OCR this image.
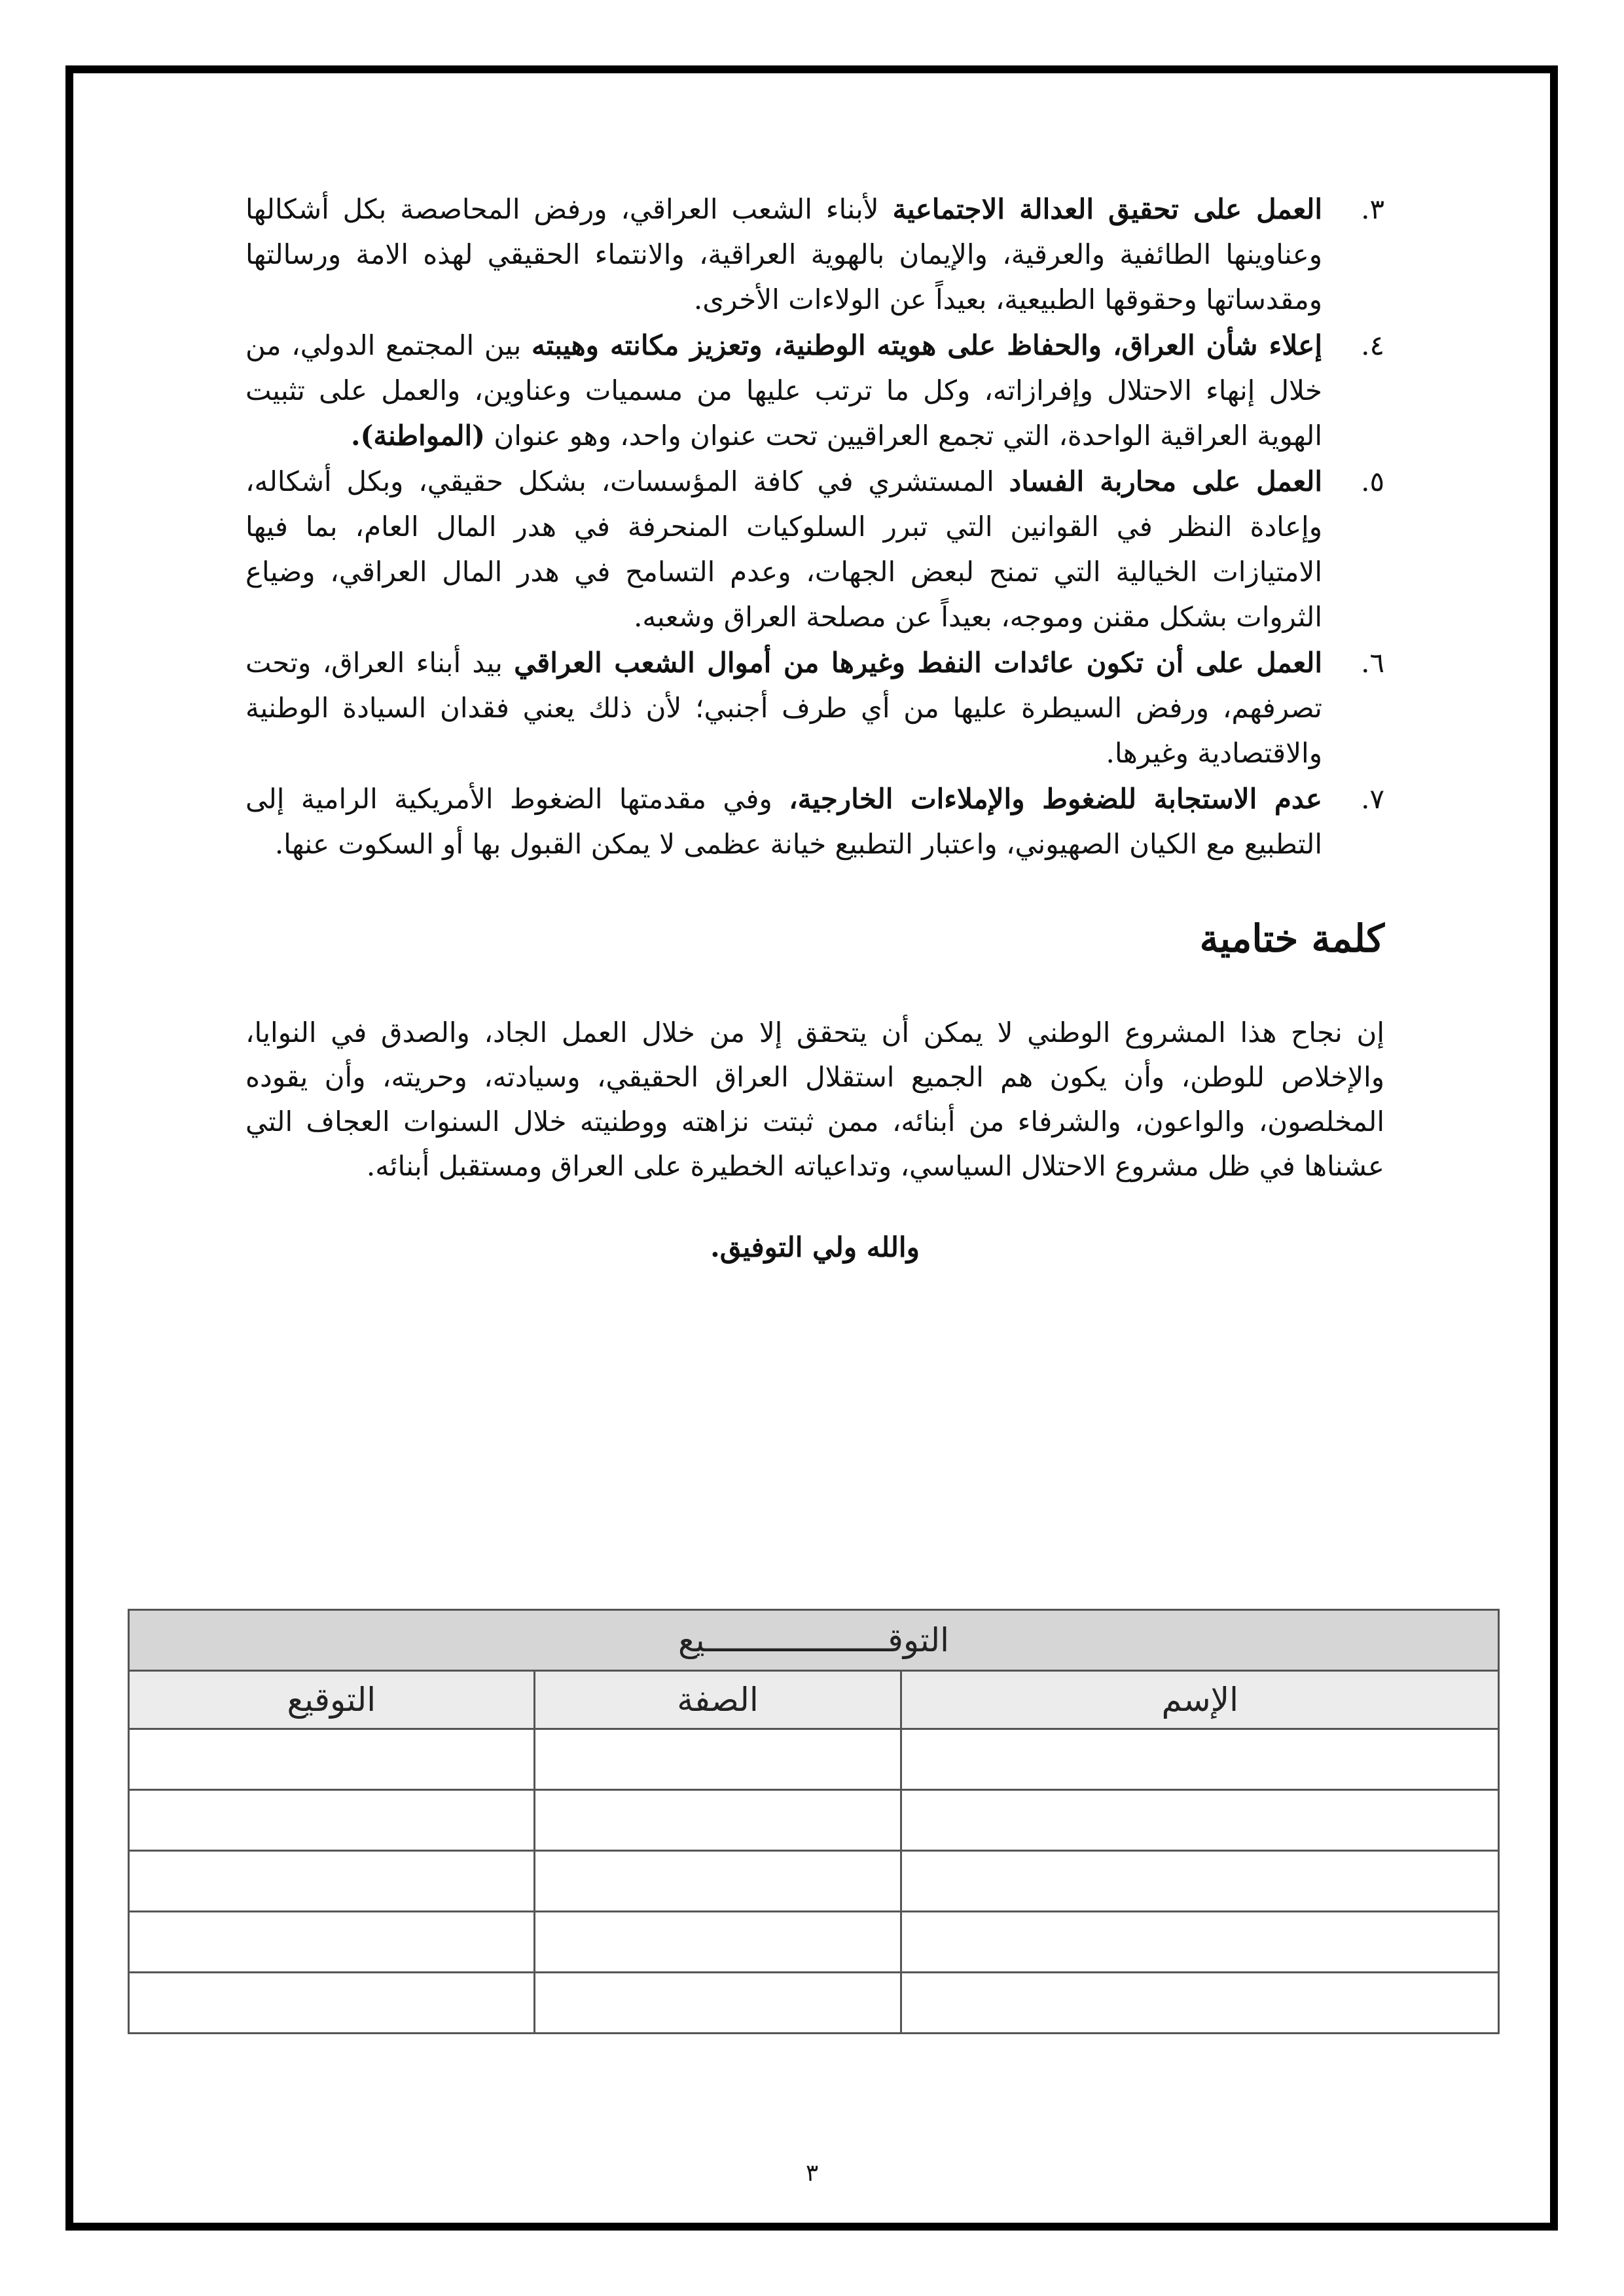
٣.
العمل على تحقيق العدالة الاجتماعية لأبناء الشعب العراقي، ورفض المحاصصة بكل أشكالها وعناوينها الطائفية والعرقية، والإيمان بالهوية العراقية، والانتماء الحقيقي لهذه الامة ورسالتها ومقدساتها وحقوقها الطبيعية، بعيداً عن الولاءات الأخرى.
٤.
إعلاء شأن العراق، والحفاظ على هويته الوطنية، وتعزيز مكانته وهيبته بين المجتمع الدولي، من خلال إنهاء الاحتلال وإفرازاته، وكل ما ترتب عليها من مسميات وعناوين، والعمل على تثبيت الهوية العراقية الواحدة، التي تجمع العراقيين تحت عنوان واحد، وهو عنوان (المواطنة).
٥.
العمل على محاربة الفساد المستشري في كافة المؤسسات، بشكل حقيقي، وبكل أشكاله، وإعادة النظر في القوانين التي تبرر السلوكيات المنحرفة في هدر المال العام، بما فيها الامتيازات الخيالية التي تمنح لبعض الجهات، وعدم التسامح في هدر المال العراقي، وضياع الثروات بشكل مقنن وموجه، بعيداً عن مصلحة العراق وشعبه.
٦.
العمل على أن تكون عائدات النفط وغيرها من أموال الشعب العراقي بيد أبناء العراق، وتحت تصرفهم، ورفض السيطرة عليها من أي طرف أجنبي؛ لأن ذلك يعني فقدان السيادة الوطنية والاقتصادية وغيرها.
٧.
عدم الاستجابة للضغوط والإملاءات الخارجية، وفي مقدمتها الضغوط الأمريكية الرامية إلى التطبيع مع الكيان الصهيوني، واعتبار التطبيع خيانة عظمى لا يمكن القبول بها أو السكوت عنها.
كلمة ختامية

إن نجاح هذا المشروع الوطني لا يمكن أن يتحقق إلا من خلال العمل الجاد، والصدق في النوايا، والإخلاص للوطن، وأن يكون هم الجميع استقلال العراق الحقيقي، وسيادته، وحريته، وأن يقوده المخلصون، والواعون، والشرفاء من أبنائه، ممن ثبتت نزاهته ووطنيته خلال السنوات العجاف التي عشناها في ظل مشروع الاحتلال السياسي، وتداعياته الخطيرة على العراق ومستقبل أبنائه.

والله ولي التوفيق.
التوقـــــــــــــــــــيع		
الإسم	الصفة	التوقيع

٣
